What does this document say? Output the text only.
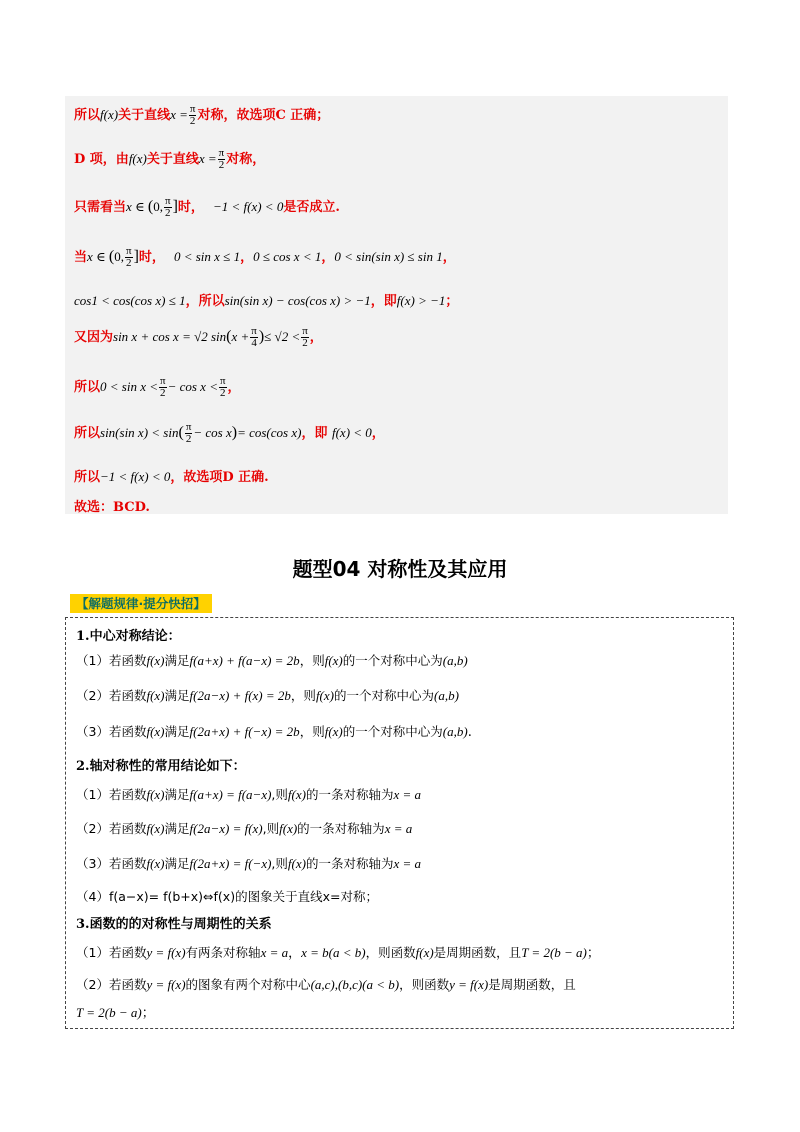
所以f(x)关于直线$x = \frac{\pi}{2}$ 对称，故选项C 正确；
D 项，由f(x)关于直线$x = \frac{\pi}{2}$ 对称，
只需看当x ∈ (0, $\frac{\pi}{2}$ ]时， −1 < f(x) < 0是否成立.
当x ∈ (0, $\frac{\pi}{2}$ ]时， 0 < sin x ≤ 1，0 ≤ cos x < 1，0 < sin(sin x) ≤ sin 1，
cos1 < cos(cos x) ≤ 1，所以sin(sin x) − cos(cos x) > −1，即f(x) > −1；
又因为sin x + cos x = √2 $\sin(x + \frac{\pi}{4}$ )≤ $√2 < \frac{\pi}{2}$ ，
所以$0 < \sin x < \frac{\pi}{2} - \cos x < \frac{\pi}{2}$ ，
所以sin(sin $x) < \sin( \frac{\pi}{2} - \cos x)= \cos(\cos$ x)，即 f(x) < 0，
所以−1 < f(x) < 0，故选项D 正确.
故选：BCD.
题型04 对称性及其应用
【解题规律·提分快招】
1.中心对称结论：
（1）若函数f(x)满足f(a+x) + f(a−x) = 2b，则f(x)的一个对称中心为(a,b)
（2）若函数f(x)满足f(2a−x) + f(x) = 2b，则f(x)的一个对称中心为(a,b)
（3）若函数f(x)满足f(2a+x) + f(−x) = 2b，则f(x)的一个对称中心为(a,b).
2.轴对称性的常用结论如下：
（1）若函数f(x)满足f(a+x) = f(a−x),则f(x)的一条对称轴为x = a
（2）若函数f(x)满足f(2a−x) = f(x),则f(x)的一条对称轴为x = a
（3）若函数f(x)满足f(2a+x) = f(−x),则f(x)的一条对称轴为x = a
（4）f(a−x)= f(b+x)⇔f(x)的图象关于直线x=对称；
3.函数的的对称性与周期性的关系
（1）若函数y = f(x)有两条对称轴x = a，x = b(a < b)，则函数f(x)是周期函数，且T = 2(b − a)；
（2）若函数y = f(x)的图象有两个对称中心(a,c),(b,c)(a < b)，则函数y = f(x)是周期函数，且
T = 2(b − a)；
